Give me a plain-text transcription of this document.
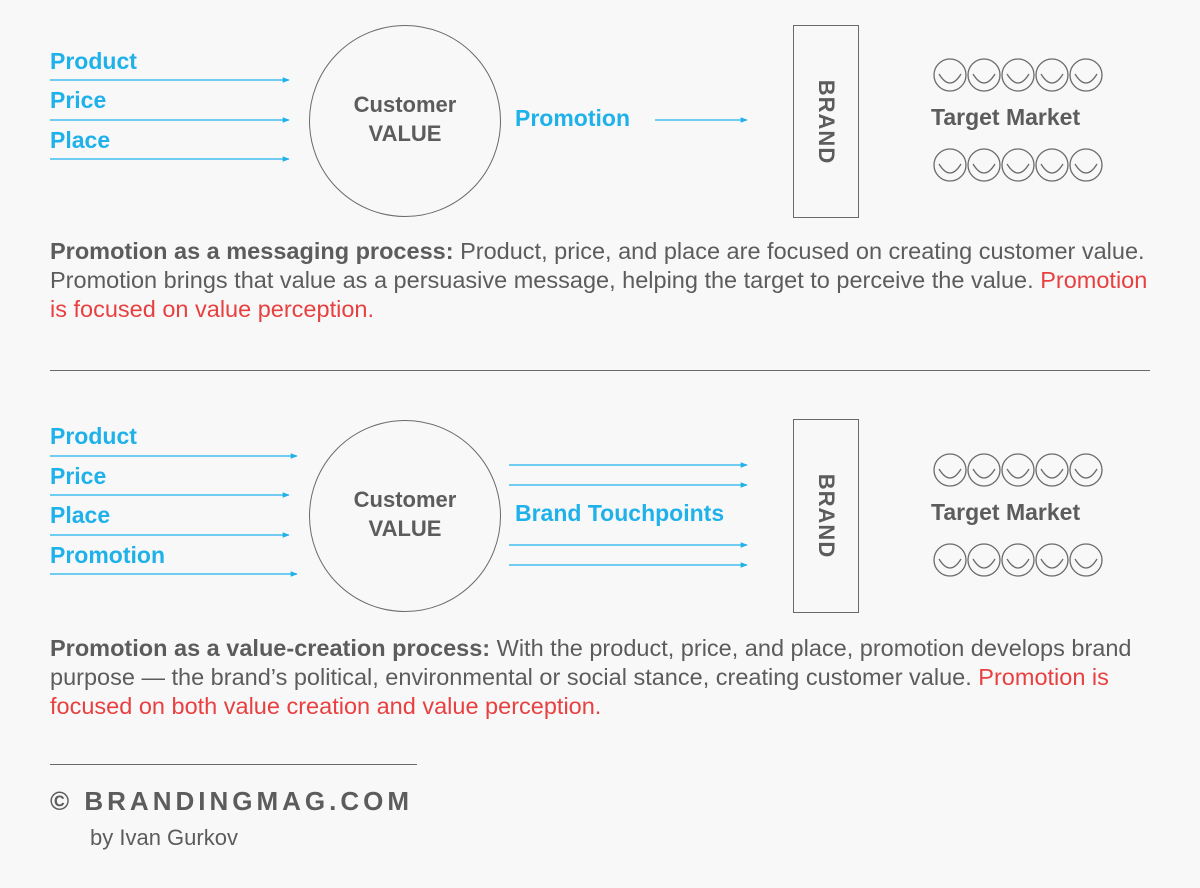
Product
Price
Place
Customer
VALUE
Promotion	BRAND	Target Market
Promotion as a messaging process: Product, price, and place are focused on creating customer value. Promotion brings that value as a persuasive message, helping the target to perceive the value. Promotion is focused on value perception.
Product
Price
Place
Promotion
Customer
VALUE
Brand Touchpoints	BRAND	Target Market
Promotion as a value-creation process: With the product, price, and place, promotion develops brand purpose — the brand’s political, environmental or social stance, creating customer value. Promotion is focused on both value creation and value perception.
© BRANDINGMAG.COM
by Ivan Gurkov
